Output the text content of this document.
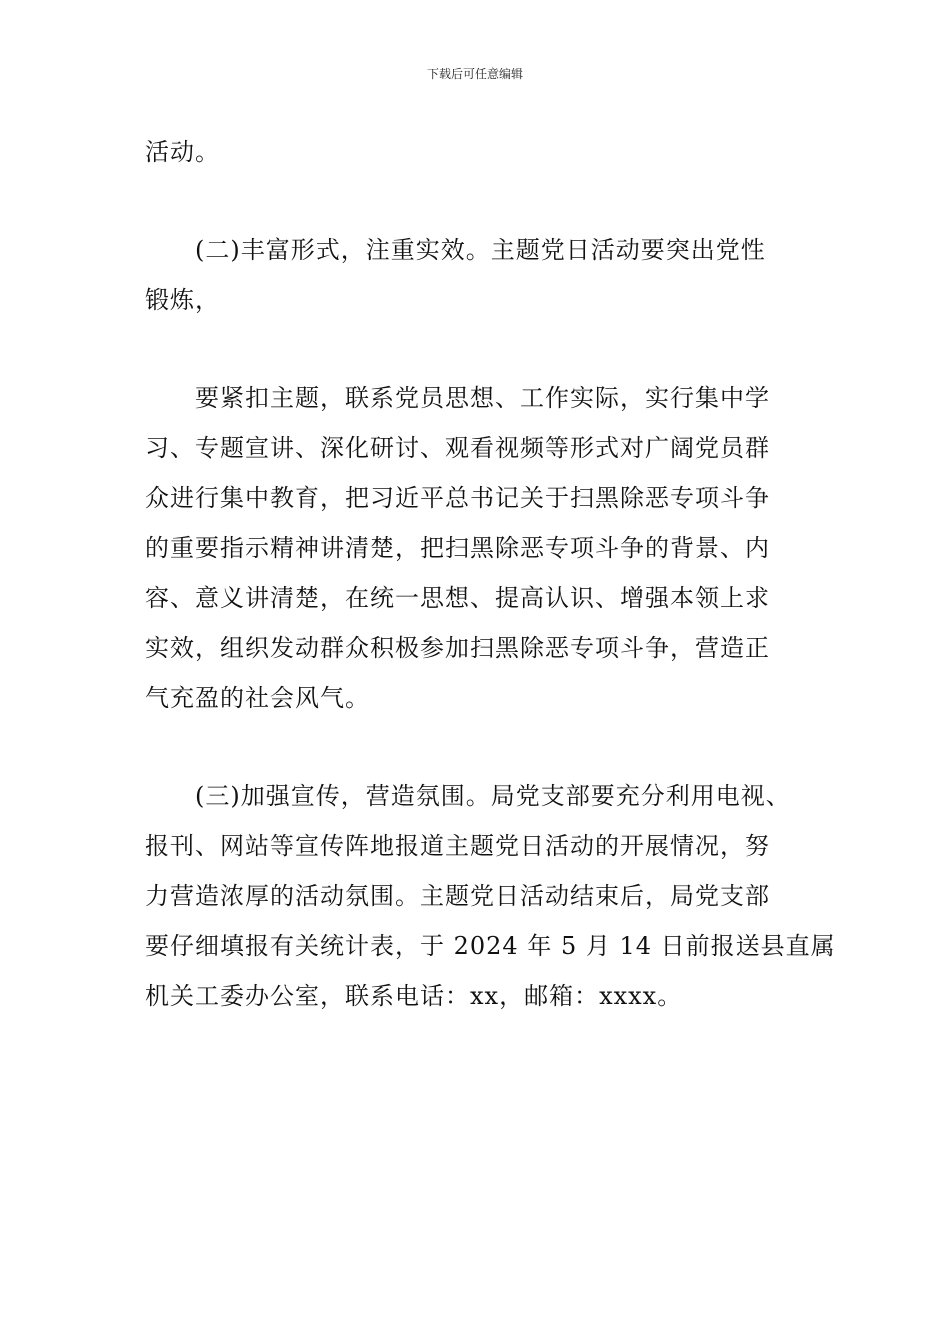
下载后可任意编辑
活动。
(二)丰富形式，注重实效。主题党日活动要突出党性
锻炼，
要紧扣主题，联系党员思想、工作实际，实行集中学
习、专题宣讲、深化研讨、观看视频等形式对广阔党员群
众进行集中教育，把习近平总书记关于扫黑除恶专项斗争
的重要指示精神讲清楚，把扫黑除恶专项斗争的背景、内
容、意义讲清楚，在统一思想、提高认识、增强本领上求
实效，组织发动群众积极参加扫黑除恶专项斗争，营造正
气充盈的社会风气。
(三)加强宣传，营造氛围。局党支部要充分利用电视、
报刊、网站等宣传阵地报道主题党日活动的开展情况，努
力营造浓厚的活动氛围。主题党日活动结束后，局党支部
要仔细填报有关统计表，于 2024 年 5 月 14 日前报送县直属
机关工委办公室，联系电话：xx，邮箱：xxxx。
